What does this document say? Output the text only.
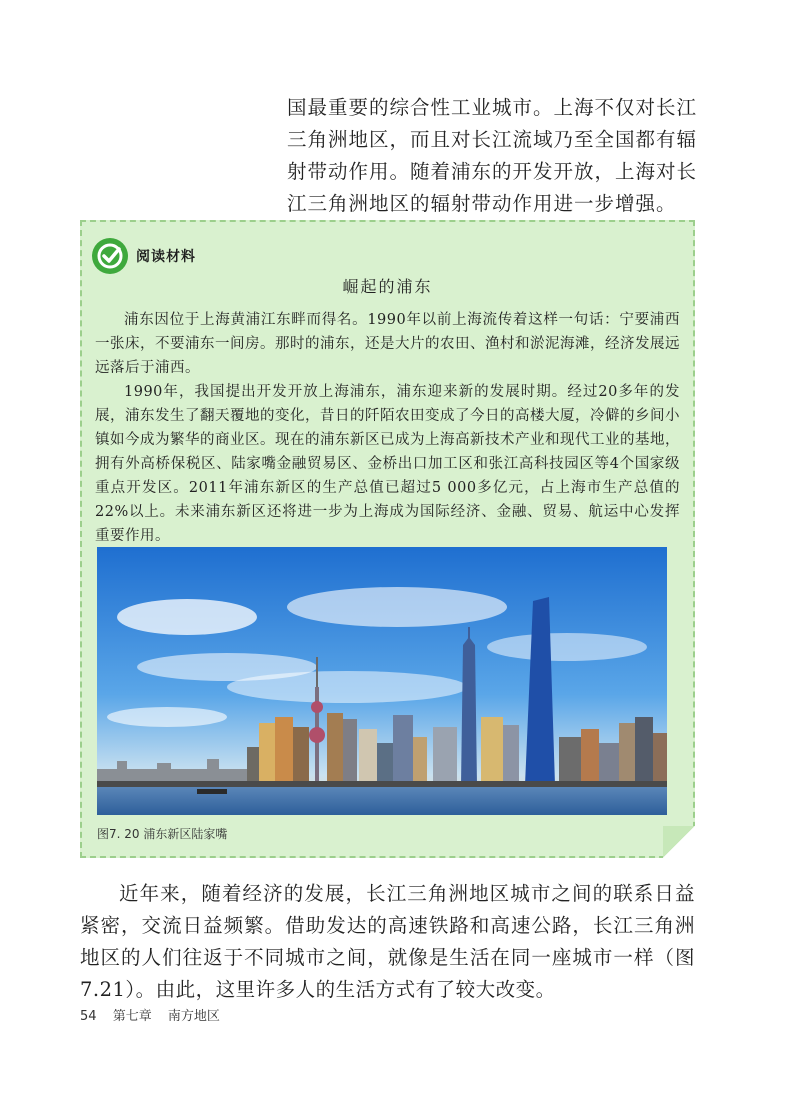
国最重要的综合性工业城市。上海不仅对长江三角洲地区，而且对长江流域乃至全国都有辐射带动作用。随着浦东的开发开放，上海对长江三角洲地区的辐射带动作用进一步增强。

阅读材料
崛起的浦东

浦东因位于上海黄浦江东畔而得名。1990年以前上海流传着这样一句话：宁要浦西一张床，不要浦东一间房。那时的浦东，还是大片的农田、渔村和淤泥海滩，经济发展远远落后于浦西。

1990年，我国提出开发开放上海浦东，浦东迎来新的发展时期。经过20多年的发展，浦东发生了翻天覆地的变化，昔日的阡陌农田变成了今日的高楼大厦，冷僻的乡间小镇如今成为繁华的商业区。现在的浦东新区已成为上海高新技术产业和现代工业的基地，拥有外高桥保税区、陆家嘴金融贸易区、金桥出口加工区和张江高科技园区等4个国家级重点开发区。2011年浦东新区的生产总值已超过5 000多亿元，占上海市生产总值的22%以上。未来浦东新区还将进一步为上海成为国际经济、金融、贸易、航运中心发挥重要作用。

图7. 20 浦东新区陆家嘴

近年来，随着经济的发展，长江三角洲地区城市之间的联系日益紧密，交流日益频繁。借助发达的高速铁路和高速公路，长江三角洲地区的人们往返于不同城市之间，就像是生活在同一座城市一样（图7.21）。由此，这里许多人的生活方式有了较大改变。

54 第七章 南方地区
